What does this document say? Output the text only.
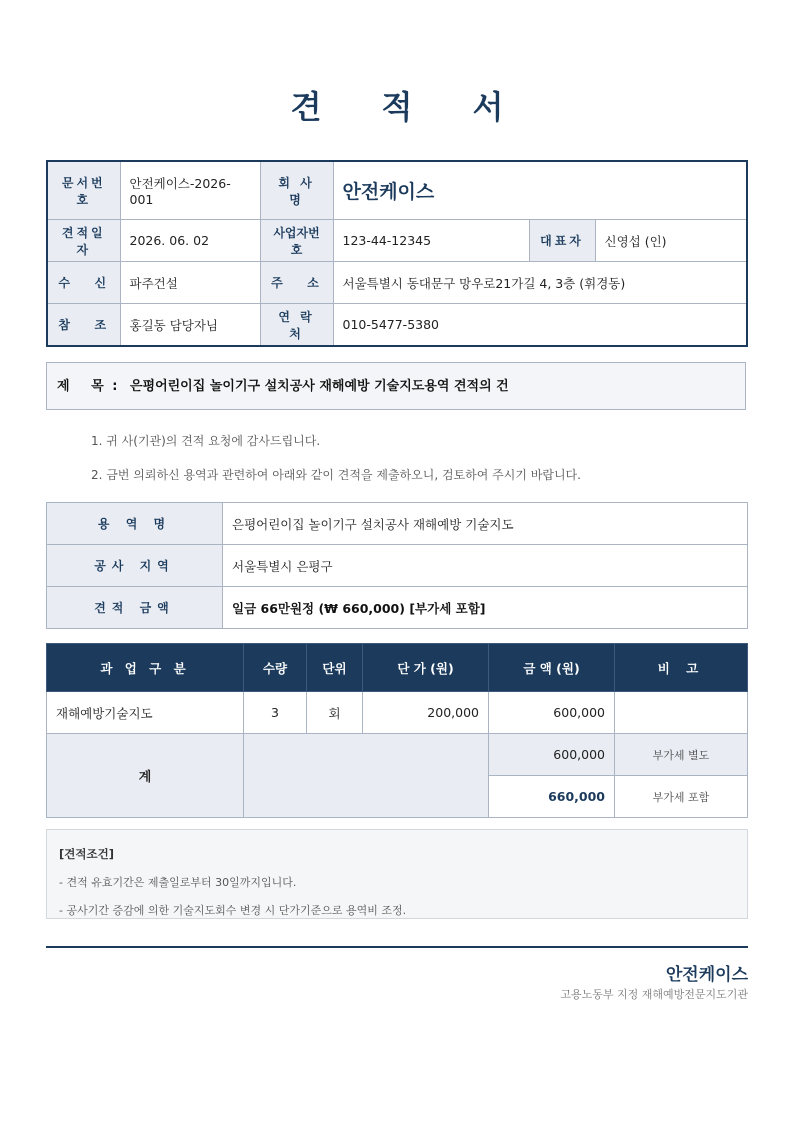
견 적 서
문서번호	안전케이스-2026-001	회 사 명	안전케이스		
견적일자	2026. 06. 02	사업자번호	123-44-12345	대표자	신영섭 (인)
수   신	파주건설	주   소	서울특별시 동대문구 망우로21가길 4, 3층 (휘경동)		
참   조	홍길동 담당자님	연 락 처	010-5477-5380		
제   목 : 은평어린이집 놀이기구 설치공사 재해예방 기술지도용역 견적의 건
1. 귀 사(기관)의 견적 요청에 감사드립니다.
2. 금번 의뢰하신 용역과 관련하여 아래와 같이 견적을 제출하오니, 검토하여 주시기 바랍니다.
용 역 명	은평어린이집 놀이기구 설치공사 재해예방 기술지도
공사 지역	서울특별시 은평구
견적 금액	일금 66만원정 (₩ 660,000) [부가세 포함]
과 업 구 분	수량	단위	단 가 (원)	금 액 (원)	비 고
재해예방기술지도	3	회	200,000	600,000	
계				600,000	부가세 별도
				660,000	부가세 포함
[견적조건]
- 견적 유효기간은 제출일로부터 30일까지입니다.
- 공사기간 증감에 의한 기술지도회수 변경 시 단가기준으로 용역비 조정.
안전케이스
고용노동부 지정 재해예방전문지도기관
